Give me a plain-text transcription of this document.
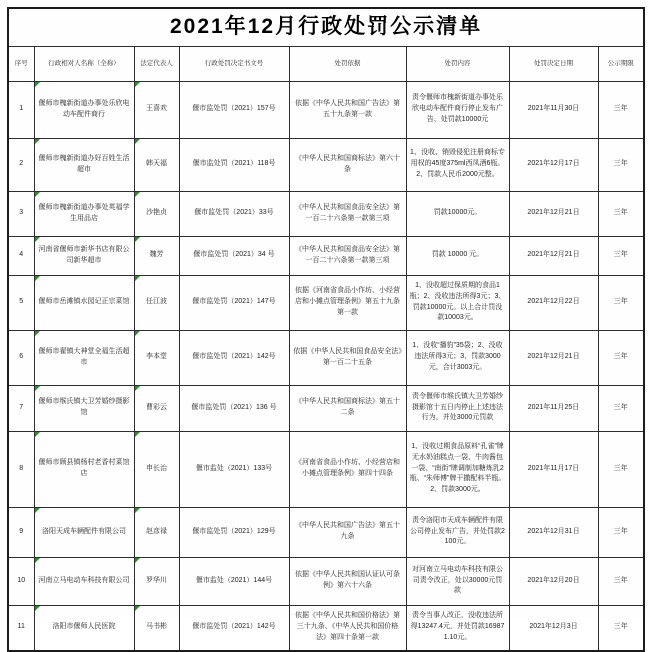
2021年12月行政处罚公示清单							
序号	行政相对人名称（全称）	法定代表人	行政处罚决定书文号	处罚依据	处罚内容	处罚决定日期	公示期限
1	偃师市槐新街道办事处乐欣电动车配件商行	王喜欢	偃市监处罚（2021）157号	依据《中华人民共和国广告法》第五十九条第一款	责令偃师市槐新街道办事处乐欣电动车配件商行停止发布广告、处罚款10000元	2021年11月30日	三年
2	偃师市槐新街道办好百姓生活超市	韩天福	偃市监处罚（2021）118号	《中华人民共和国商标法》第六十条	1、没收、销毁侵犯注册商标专用权的45度375ml西凤酒6瓶。 2、罚款人民币2000元整。	2021年12月17日	三年
3	偃师市槐新街道办事处英福学生用品店	沙艳贞	偃市监处罚（2021）33号	《中华人民共和国食品安全法》第一百二十六条第一款第三项	罚款10000元。	2021年12月21日	三年
4	河南省偃师市新华书店有限公司新华超市	魏芳	偃市监处罚（2021）34 号	《中华人民共和国食品安全法》第一百二十六条第一款第三项	罚款 10000 元。	2021年12月21日	三年
5	偃师市岳滩镇水园记正宗菜馆	任江波	偃市监处罚（2021）147号	依据《河南省食品小作坊、小经营店和小摊点管理条例》第五十九条第一款	1、没收超过保质期的食品1瓶；2、没收违法所得3元；3、罚款10000元。以上合计罚没款10003元。	2021年12月22日	三年
6	偃师市翟镇大神堂全福生活超市	李本堂	偃市监处罚（2021）142号	依据《中华人民共和国食品安全法》第一百二十五条	1、没收“播豹”35袋；2、没收违法所得3元；3、罚款3000元，合计3003元。	2021年12月21日	三年
7	偃师市缑氏镇大卫芳婚纱摄影馆	曹彩云	偃市监处罚（2021）136 号	《中华人民共和国商标法》第五十二条	责令偃师市缑氏镇大卫芳婚纱摄影馆十五日内停止上述违法行为，并处3000元罚款	2021年11月25日	三年
8	偃师市顾县镇杨村老香村菜馆店	申长治	偃市监处（2021）133号	《河南省食品小作坊、小经营店和小摊点管理条例》第四十四条	1、没收过期食品原料“孔雀”牌无水奶油糕点一袋、牛肉酱包一袋、“南街”牌调制加糖炼乳2瓶、“朱师傅”牌干撒配料半瓶。 2、罚款3000元。	2021年11月17日	三年
9	洛阳天成车辆配件有限公司	赵彦禄	偃市监处罚（2021）129号	《中华人民共和国广告法》第五十九条	责令洛阳市天成车辆配件有限公司停止发布广告，并处罚款2100元。	2021年12月31日	三年
10	河南立马电动车科技有限公司	罗华川	偃市监处（2021）144号	依据《中华人民共和国认证认可条例》第六十六条	对河南立马电动车科技有限公司责令改正，处以30000元罚款	2021年12月20日	三年
11	洛阳市偃师人民医院	马书彬	偃市监处罚（2021）142号	依据《中华人民共和国价格法》第三十九条、《中华人民共和国价格法》第四十条第一款	责令当事人改正，没收违法所得13247.4元，并处罚款169871.10元。	2021年12月3日	三年
